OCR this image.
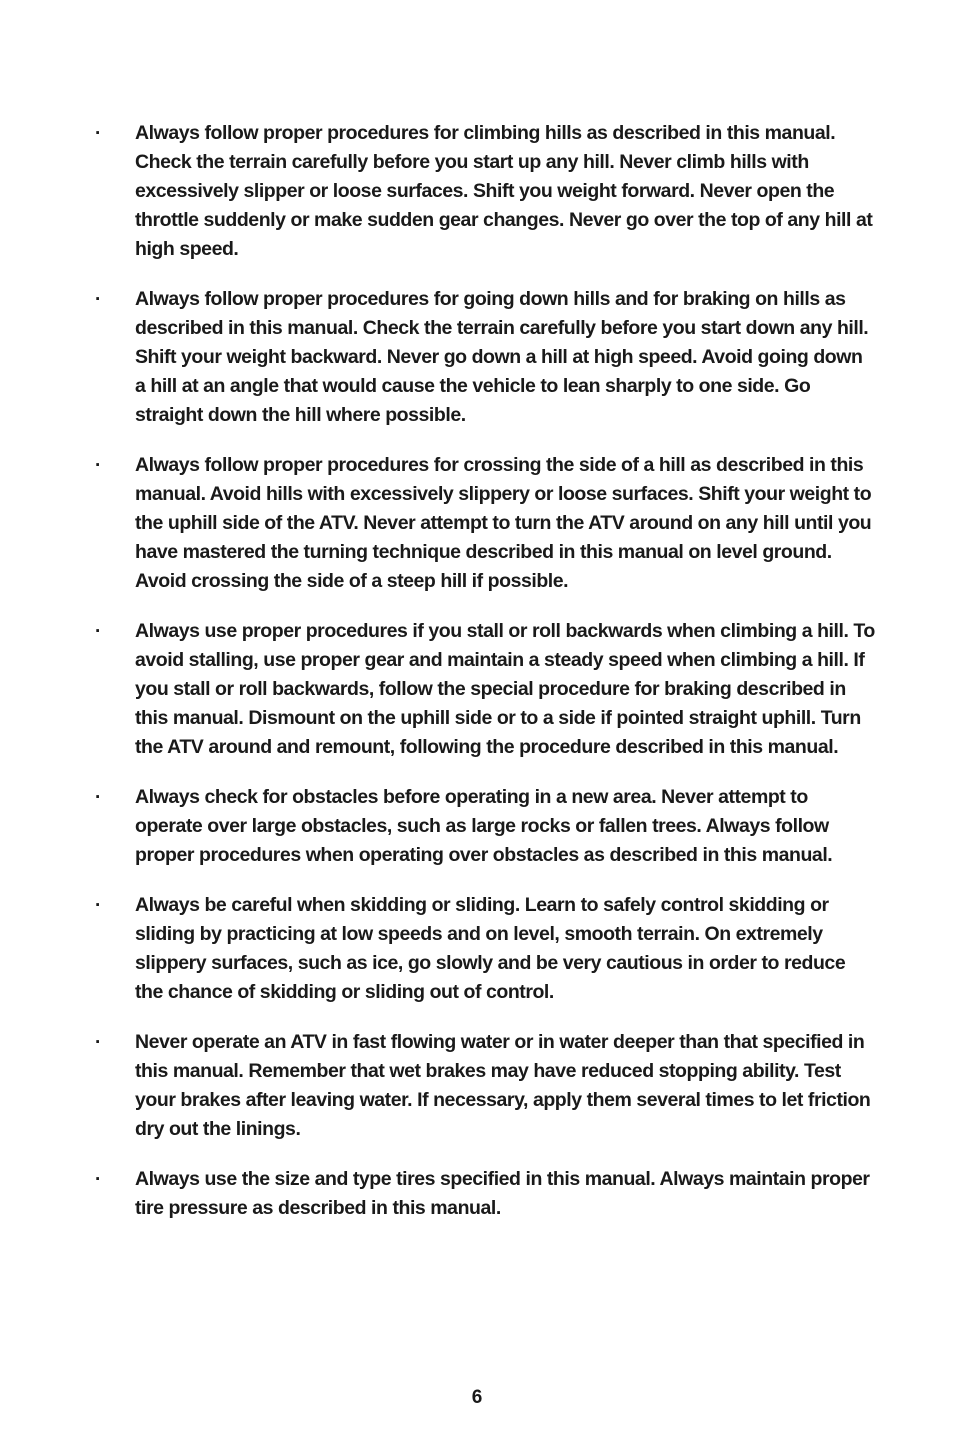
· Always follow proper procedures for climbing hills as described in this manual. Check the terrain carefully before you start up any hill. Never climb hills with excessively slipper or loose surfaces. Shift you weight forward. Never open the throttle suddenly or make sudden gear changes. Never go over the top of any hill at high speed.
· Always follow proper procedures for going down hills and for braking on hills as described in this manual. Check the terrain carefully before you start down any hill. Shift your weight backward. Never go down a hill at high speed. Avoid going down a hill at an angle that would cause the vehicle to lean sharply to one side. Go straight down the hill where possible.
· Always follow proper procedures for crossing the side of a hill as described in this manual. Avoid hills with excessively slippery or loose surfaces. Shift your weight to the uphill side of the ATV. Never attempt to turn the ATV around on any hill until you have mastered the turning technique described in this manual on level ground. Avoid crossing the side of a steep hill if possible.
· Always use proper procedures if you stall or roll backwards when climbing a hill. To avoid stalling, use proper gear and maintain a steady speed when climbing a hill. If you stall or roll backwards, follow the special procedure for braking described in this manual. Dismount on the uphill side or to a side if pointed straight uphill. Turn the ATV around and remount, following the procedure described in this manual.
· Always check for obstacles before operating in a new area. Never attempt to operate over large obstacles, such as large rocks or fallen trees. Always follow proper procedures when operating over obstacles as described in this manual.
· Always be careful when skidding or sliding. Learn to safely control skidding or sliding by practicing at low speeds and on level, smooth terrain. On extremely slippery surfaces, such as ice, go slowly and be very cautious in order to reduce the chance of skidding or sliding out of control.
· Never operate an ATV in fast flowing water or in water deeper than that specified in this manual. Remember that wet brakes may have reduced stopping ability. Test your brakes after leaving water. If necessary, apply them several times to let friction dry out the linings.
· Always use the size and type tires specified in this manual. Always maintain proper tire pressure as described in this manual.
6
